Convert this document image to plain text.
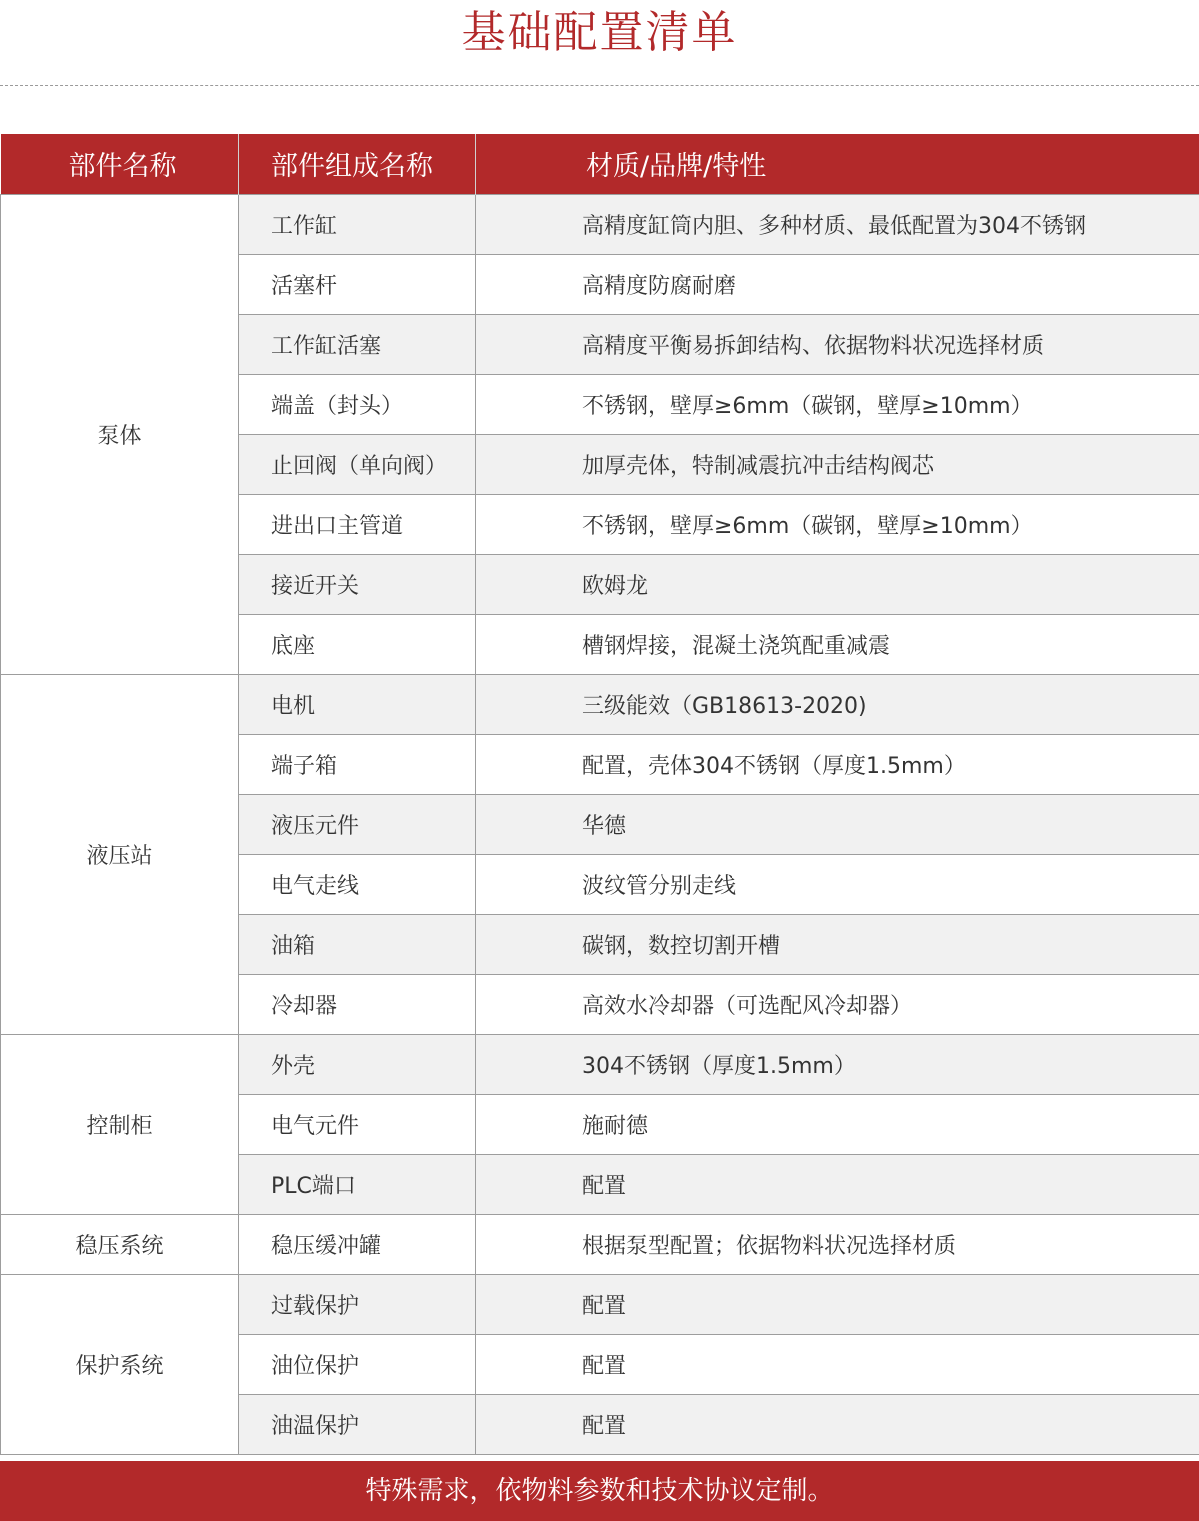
基础配置清单
部件名称	部件组成名称	材质/品牌/特性
泵体	工作缸	高精度缸筒内胆、多种材质、最低配置为304不锈钢
	活塞杆	高精度防腐耐磨
	工作缸活塞	高精度平衡易拆卸结构、依据物料状况选择材质
	端盖（封头）	不锈钢，壁厚≥6mm（碳钢，壁厚≥10mm）
	止回阀（单向阀）	加厚壳体，特制减震抗冲击结构阀芯
	进出口主管道	不锈钢，壁厚≥6mm（碳钢，壁厚≥10mm）
	接近开关	欧姆龙
	底座	槽钢焊接，混凝土浇筑配重减震
液压站	电机	三级能效（GB18613-2020)
	端子箱	配置，壳体304不锈钢（厚度1.5mm）
	液压元件	华德
	电气走线	波纹管分别走线
	油箱	碳钢，数控切割开槽
	冷却器	高效水冷却器（可选配风冷却器）
控制柜	外壳	304不锈钢（厚度1.5mm）
	电气元件	施耐德
	PLC端口	配置
稳压系统	稳压缓冲罐	根据泵型配置；依据物料状况选择材质
保护系统	过载保护	配置
	油位保护	配置
	油温保护	配置
特殊需求，依物料参数和技术协议定制。
